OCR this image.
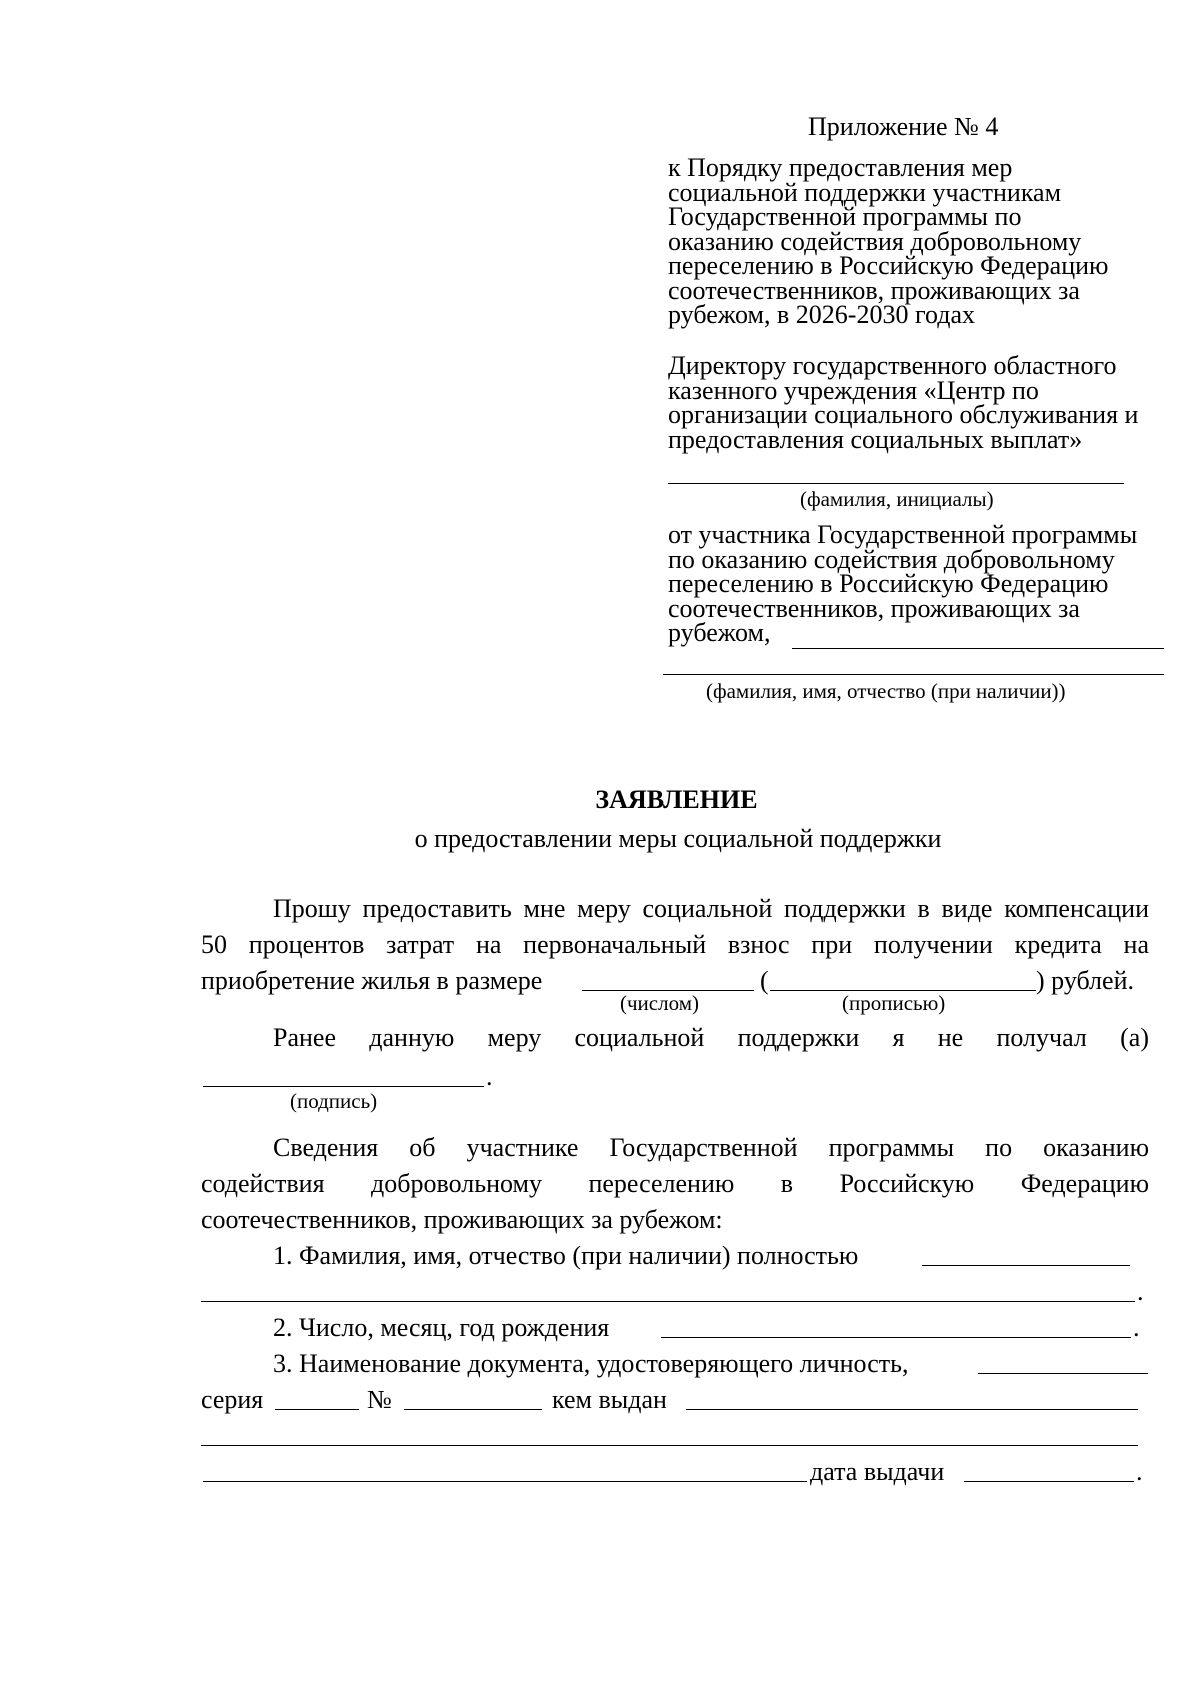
Приложение № 4
к Порядку предоставления мер
социальной поддержки участникам
Государственной программы по
оказанию содействия добровольному
переселению в Российскую Федерацию
соотечественников, проживающих за
рубежом, в 2026-2030 годах
Директору государственного областного
казенного учреждения «Центр по
организации социального обслуживания и
предоставления социальных выплат»
(фамилия, инициалы)
от участника Государственной программы
по оказанию содействия добровольному
переселению в Российскую Федерацию
соотечественников, проживающих за
рубежом,
(фамилия, имя, отчество (при наличии))
ЗАЯВЛЕНИЕ
о предоставлении меры социальной поддержки
Прошу предоставить мне меру социальной поддержки в виде компенсации
50 процентов затрат на первоначальный взнос при получении кредита на
приобретение жилья в размере	(	) рублей.
(числом)	(прописью)
Ранее данную меру социальной поддержки я не получал (а)
.
(подпись)
Сведения об участнике Государственной программы по оказанию
содействия добровольному переселению в Российскую Федерацию
соотечественников, проживающих за рубежом:
1. Фамилия, имя, отчество (при наличии) полностью
.
2. Число, месяц, год рождения	.
3. Наименование документа, удостоверяющего личность,
серия	№	кем выдан
дата выдачи	.
